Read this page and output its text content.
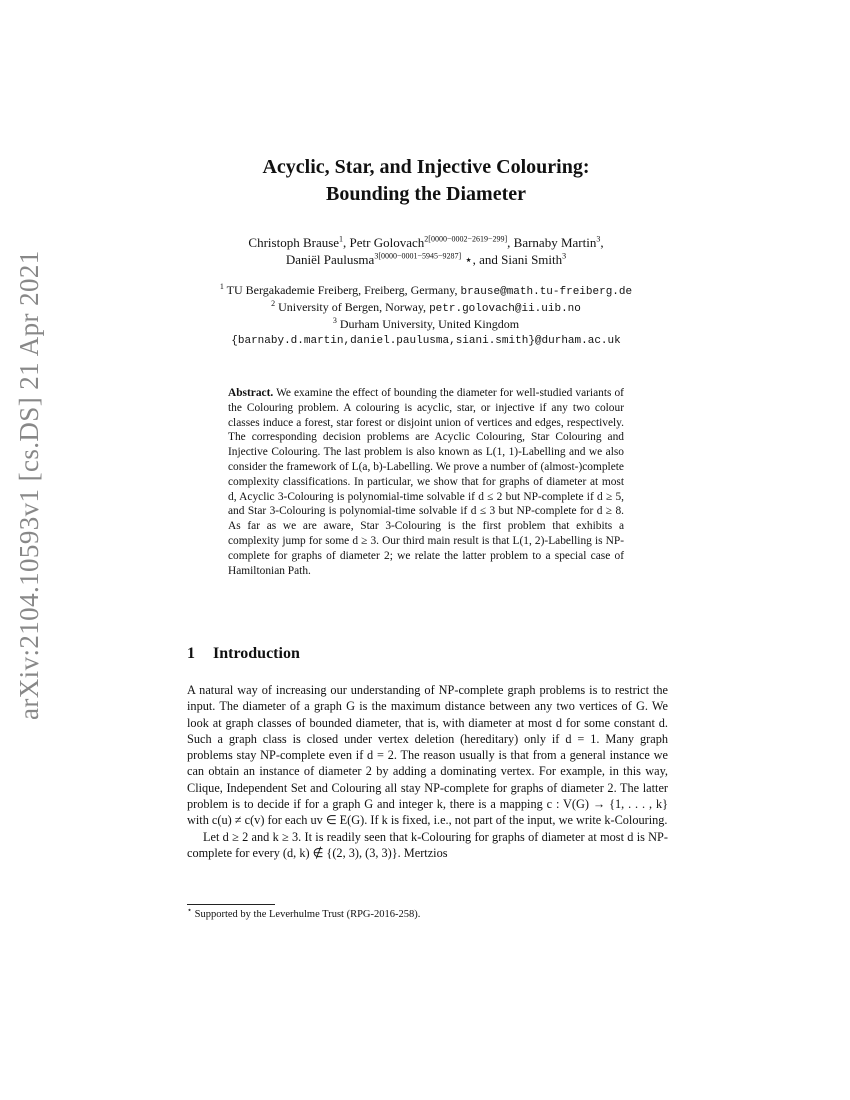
arXiv:2104.10593v1 [cs.DS] 21 Apr 2021
Acyclic, Star, and Injective Colouring:
Bounding the Diameter
Christoph Brause$^1$, Petr Golovach$^{2[0000-0002-2619-299]}$, Barnaby Martin$^3$,
Daniël Paulusma$^{3[0000-0001-5945-9287]}$ ⋆, and Siani Smith$^3$
$^1$ TU Bergakademie Freiberg, Freiberg, Germany, brause@math.tu-freiberg.de
$^2$ University of Bergen, Norway, petr.golovach@ii.uib.no
$^3$ Durham University, United Kingdom
{barnaby.d.martin,daniel.paulusma,siani.smith}@durham.ac.uk
Abstract. We examine the effect of bounding the diameter for well-studied variants of the Colouring problem. A colouring is acyclic, star, or injective if any two colour classes induce a forest, star forest or disjoint union of vertices and edges, respectively. The corresponding decision problems are Acyclic Colouring, Star Colouring and Injective Colouring. The last problem is also known as L(1, 1)-Labelling and we also consider the framework of L(a, b)-Labelling. We prove a number of (almost-)complete complexity classifications. In particular, we show that for graphs of diameter at most d, Acyclic 3-Colouring is polynomial-time solvable if d ≤ 2 but NP-complete if d ≥ 5, and Star 3-Colouring is polynomial-time solvable if d ≤ 3 but NP-complete for d ≥ 8. As far as we are aware, Star 3-Colouring is the first problem that exhibits a complexity jump for some d ≥ 3. Our third main result is that L(1, 2)-Labelling is NP-complete for graphs of diameter 2; we relate the latter problem to a special case of Hamiltonian Path.
1 Introduction

A natural way of increasing our understanding of NP-complete graph problems is to restrict the input. The diameter of a graph G is the maximum distance between any two vertices of G. We look at graph classes of bounded diameter, that is, with diameter at most d for some constant d. Such a graph class is closed under vertex deletion (hereditary) only if d = 1. Many graph problems stay NP-complete even if d = 2. The reason usually is that from a general instance we can obtain an instance of diameter 2 by adding a dominating vertex. For example, in this way, Clique, Independent Set and Colouring all stay NP-complete for graphs of diameter 2. The latter problem is to decide if for a graph G and integer k, there is a mapping c : V(G) → {1, . . . , k} with c(u) ≠ c(v) for each uv ∈ E(G). If k is fixed, i.e., not part of the input, we write k-Colouring.

Let d ≥ 2 and k ≥ 3. It is readily seen that k-Colouring for graphs of diameter at most d is NP-complete for every (d, k) ∉ {(2, 3), (3, 3)}. Mertzios

⋆ Supported by the Leverhulme Trust (RPG-2016-258).
